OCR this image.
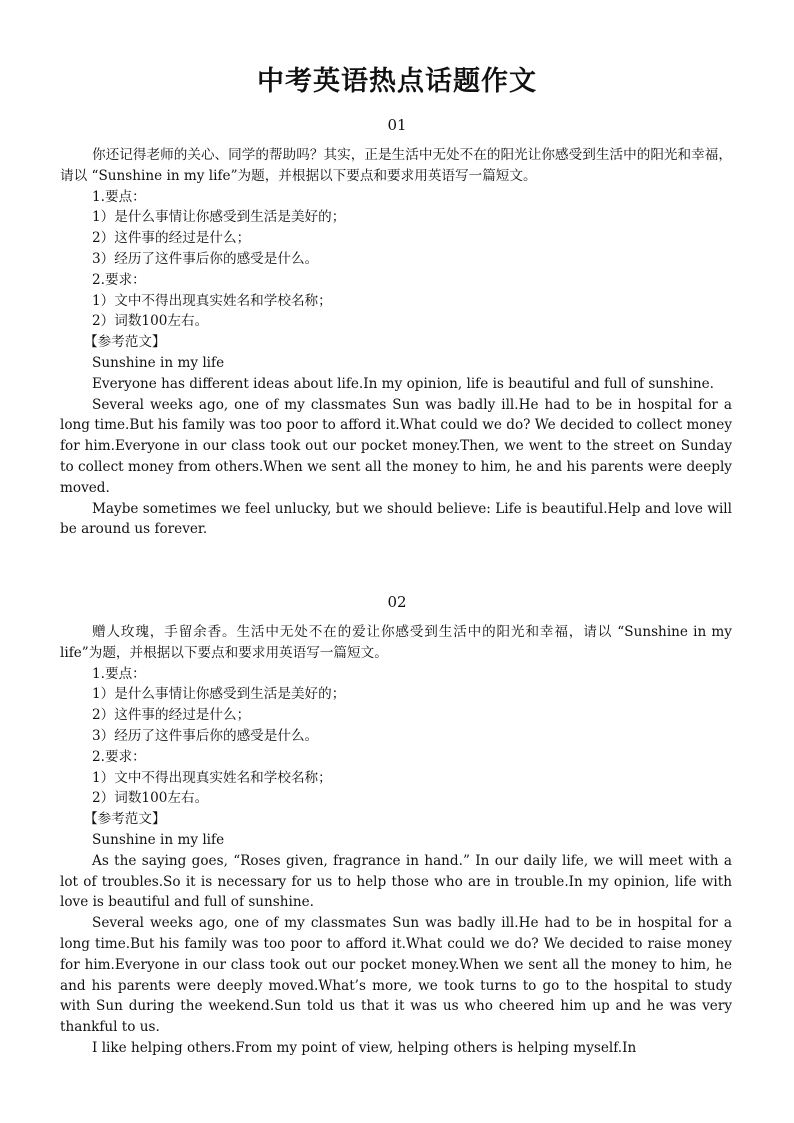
中考英语热点话题作文
01

你还记得老师的关心、同学的帮助吗？其实，正是生活中无处不在的阳光让你感受到生活中的阳光和幸福，请以 “Sunshine in my life”为题，并根据以下要点和要求用英语写一篇短文。

1.要点：

1）是什么事情让你感受到生活是美好的；

2）这件事的经过是什么；

3）经历了这件事后你的感受是什么。

2.要求：

1）文中不得出现真实姓名和学校名称；

2）词数100左右。

【参考范文】

Sunshine in my life

Everyone has different ideas about life.In my opinion, life is beautiful and full of sunshine.

Several weeks ago, one of my classmates Sun was badly ill.He had to be in hospital for a long time.But his family was too poor to afford it.What could we do? We decided to collect money for him.Everyone in our class took out our pocket money.Then, we went to the street on Sunday to collect money from others.When we sent all the money to him, he and his parents were deeply moved.

Maybe sometimes we feel unlucky, but we should believe: Life is beautiful.Help and love will be around us forever.

02

赠人玫瑰，手留余香。生活中无处不在的爱让你感受到生活中的阳光和幸福，请以 “Sunshine in my life”为题，并根据以下要点和要求用英语写一篇短文。

1.要点：

1）是什么事情让你感受到生活是美好的；

2）这件事的经过是什么；

3）经历了这件事后你的感受是什么。

2.要求：

1）文中不得出现真实姓名和学校名称；

2）词数100左右。

【参考范文】

Sunshine in my life

As the saying goes, “Roses given, fragrance in hand.” In our daily life, we will meet with a lot of troubles.So it is necessary for us to help those who are in trouble.In my opinion, life with love is beautiful and full of sunshine.

Several weeks ago, one of my classmates Sun was badly ill.He had to be in hospital for a long time.But his family was too poor to afford it.What could we do? We decided to raise money for him.Everyone in our class took out our pocket money.When we sent all the money to him, he and his parents were deeply moved.What’s more, we took turns to go to the hospital to study with Sun during the weekend.Sun told us that it was us who cheered him up and he was very thankful to us.

I like helping others.From my point of view, helping others is helping myself.In
